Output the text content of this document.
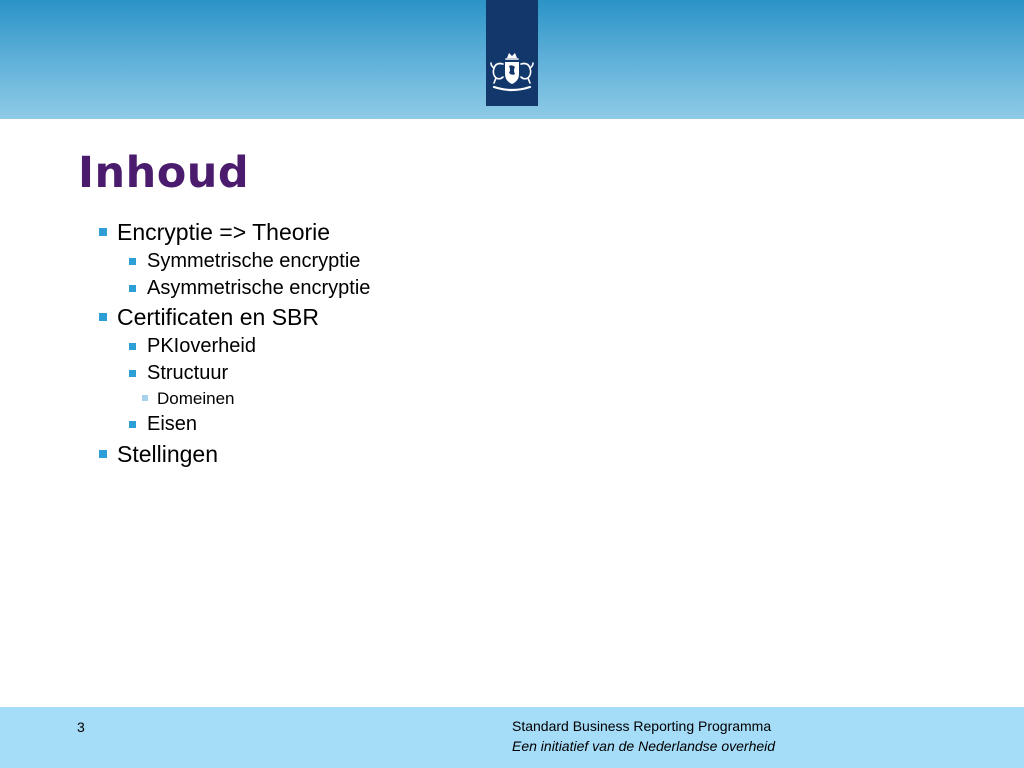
Inhoud
Encryptie => Theorie
Symmetrische encryptie
Asymmetrische encryptie
Certificaten en SBR
PKIoverheid
Structuur
Domeinen
Eisen
Stellingen
3	Standard Business Reporting Programma
Een initiatief van de Nederlandse overheid
